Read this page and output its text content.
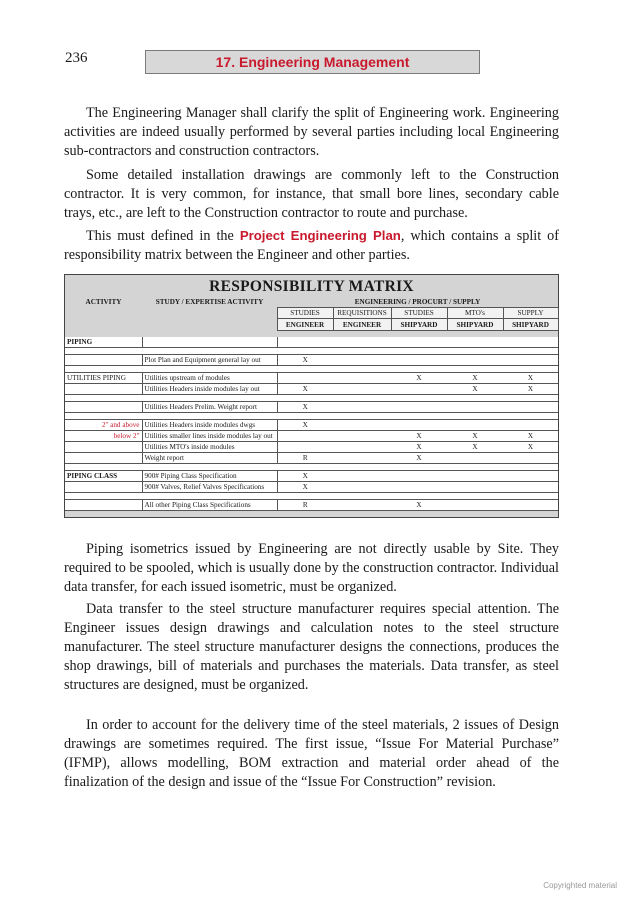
236	17. Engineering Management

The Engineering Manager shall clarify the split of Engineering work. Engineering activities are indeed usually performed by several parties including local Engineering sub-contractors and construction contractors.

Some detailed installation drawings are commonly left to the Construction contractor. It is very common, for instance, that small bore lines, secondary cable trays, etc., are left to the Construction contractor to route and purchase.

This must defined in the Project Engineering Plan, which contains a split of responsibility matrix between the Engineer and other parties.

RESPONSIBILITY MATRIX
ACTIVITY	STUDY / EXPERTISE ACTIVITY	ENGINEERING / PROCURT / SUPPLY				
		STUDIES	REQUISITIONS	STUDIES	MTO's	SUPPLY
		ENGINEER	ENGINEER	SHIPYARD	SHIPYARD	SHIPYARD

PIPING						

	Plot Plan and Equipment general lay out	X				

UTILITIES PIPING	Utilities upstream of modules			X	X	X
	Utilities Headers inside modules lay out	X			X	X

	Utilities Headers Prelim. Weight report	X				

2" and above	Utilities Headers inside modules dwgs	X				
below 2"	Utilities smaller lines inside modules lay out			X	X	X
	Utilities MTO's inside modules			X	X	X
	Weight report	R		X		

PIPING CLASS	900# Piping Class Specification	X				
	900# Valves, Relief Valves Specifications	X				

	All other Piping Class Specifications	R		X		

Piping isometrics issued by Engineering are not directly usable by Site. They required to be spooled, which is usually done by the construction contractor. Individual data transfer, for each issued isometric, must be organized.

Data transfer to the steel structure manufacturer requires special attention. The Engineer issues design drawings and calculation notes to the steel structure manufacturer. The steel structure manufacturer designs the connections, produces the shop drawings, bill of materials and purchases the materials. Data transfer, as steel structures are designed, must be organized.

In order to account for the delivery time of the steel materials, 2 issues of Design drawings are sometimes required. The first issue, “Issue For Material Purchase” (IFMP), allows modelling, BOM extraction and material order ahead of the finalization of the design and issue of the “Issue For Construction” revision.

Copyrighted material
